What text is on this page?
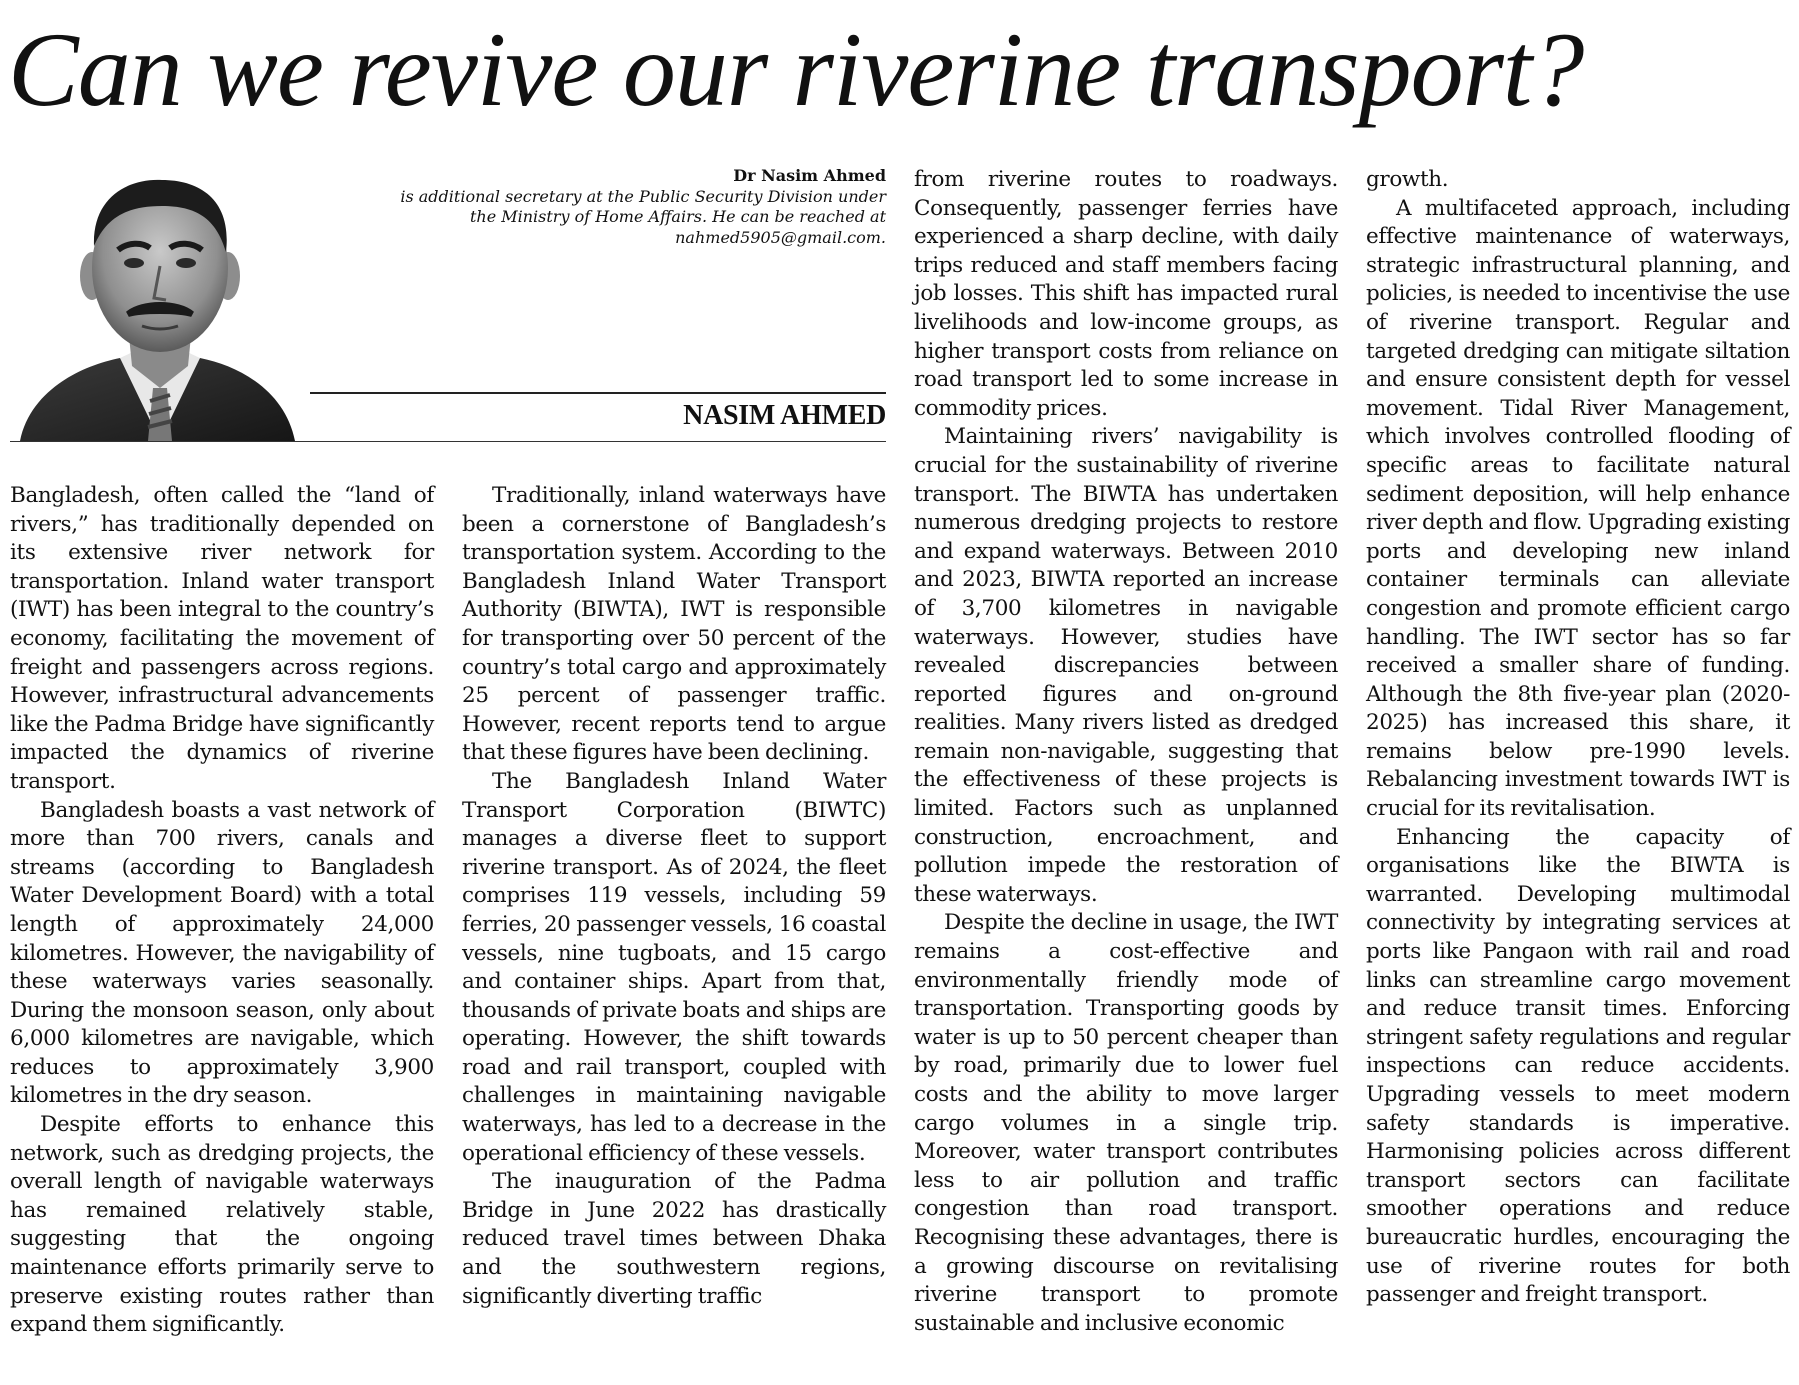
Can we revive our riverine transport?
Dr Nasim Ahmed
is additional secretary at the Public Security Division under the Ministry of Home Affairs. He can be reached at nahmed5905@gmail.com.
NASIM AHMED

Bangladesh, often called the “land of rivers,” has traditionally depended on its extensive river network for transportation. Inland water transport (IWT) has been integral to the country’s economy, facilitating the movement of freight and passengers across regions. However, infrastructural advancements like the Padma Bridge have significantly impacted the dynamics of riverine transport.

Bangladesh boasts a vast network of more than 700 rivers, canals and streams (according to Bangladesh Water Development Board) with a total length of approximately 24,000 kilometres. However, the navigability of these waterways varies seasonally. During the monsoon season, only about 6,000 kilometres are navigable, which reduces to approximately 3,900 kilometres in the dry season.

Despite efforts to enhance this network, such as dredging projects, the overall length of navigable waterways has remained relatively stable, suggesting that the ongoing maintenance efforts primarily serve to preserve existing routes rather than expand them significantly.

Traditionally, inland waterways have been a cornerstone of Bangladesh’s transportation system. According to the Bangladesh Inland Water Transport Authority (BIWTA), IWT is responsible for transporting over 50 percent of the country’s total cargo and approximately 25 percent of passenger traffic. However, recent reports tend to argue that these figures have been declining.

The Bangladesh Inland Water Transport Corporation (BIWTC) manages a diverse fleet to support riverine transport. As of 2024, the fleet comprises 119 vessels, including 59 ferries, 20 passenger vessels, 16 coastal vessels, nine tugboats, and 15 cargo and container ships. Apart from that, thousands of private boats and ships are operating. However, the shift towards road and rail transport, coupled with challenges in maintaining navigable waterways, has led to a decrease in the operational efficiency of these vessels.

The inauguration of the Padma Bridge in June 2022 has drastically reduced travel times between Dhaka and the southwestern regions, significantly diverting traffic

from riverine routes to roadways. Consequently, passenger ferries have experienced a sharp decline, with daily trips reduced and staff members facing job losses. This shift has impacted rural livelihoods and low-income groups, as higher transport costs from reliance on road transport led to some increase in commodity prices.

Maintaining rivers’ navigability is crucial for the sustainability of riverine transport. The BIWTA has undertaken numerous dredging projects to restore and expand waterways. Between 2010 and 2023, BIWTA reported an increase of 3,700 kilometres in navigable waterways. However, studies have revealed discrepancies between reported figures and on-ground realities. Many rivers listed as dredged remain non-navigable, suggesting that the effectiveness of these projects is limited. Factors such as unplanned construction, encroachment, and pollution impede the restoration of these waterways.

Despite the decline in usage, the IWT remains a cost-effective and environmentally friendly mode of transportation. Transporting goods by water is up to 50 percent cheaper than by road, primarily due to lower fuel costs and the ability to move larger cargo volumes in a single trip. Moreover, water transport contributes less to air pollution and traffic congestion than road transport. Recognising these advantages, there is a growing discourse on revitalising riverine transport to promote sustainable and inclusive economic

growth.

A multifaceted approach, including effective maintenance of waterways, strategic infrastructural planning, and policies, is needed to incentivise the use of riverine transport. Regular and targeted dredging can mitigate siltation and ensure consistent depth for vessel movement. Tidal River Management, which involves controlled flooding of specific areas to facilitate natural sediment deposition, will help enhance river depth and flow. Upgrading existing ports and developing new inland container terminals can alleviate congestion and promote efficient cargo handling. The IWT sector has so far received a smaller share of funding. Although the 8th five-year plan (2020-2025) has increased this share, it remains below pre-1990 levels. Rebalancing investment towards IWT is crucial for its revitalisation.

Enhancing the capacity of organisations like the BIWTA is warranted. Developing multimodal connectivity by integrating services at ports like Pangaon with rail and road links can streamline cargo movement and reduce transit times. Enforcing stringent safety regulations and regular inspections can reduce accidents. Upgrading vessels to meet modern safety standards is imperative. Harmonising policies across different transport sectors can facilitate smoother operations and reduce bureaucratic hurdles, encouraging the use of riverine routes for both passenger and freight transport.
